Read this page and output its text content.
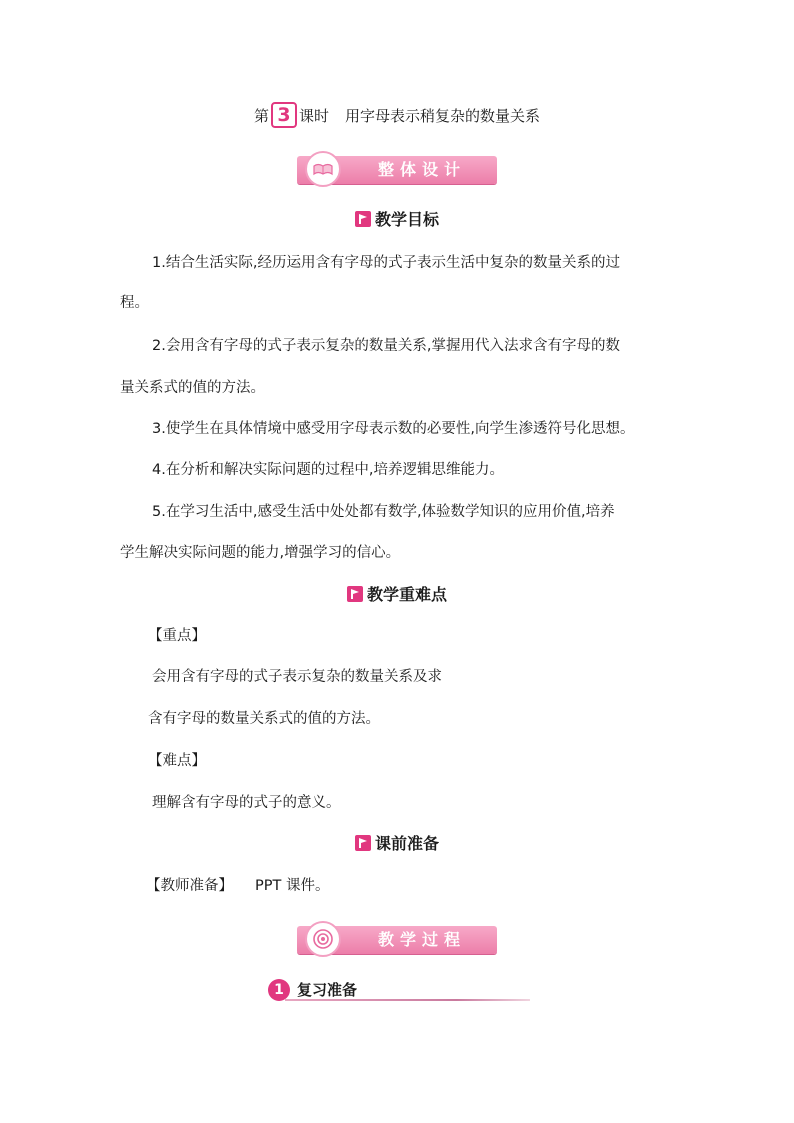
第 3 课时 用字母表示稍复杂的数量关系
整体设计
教学目标
1.结合生活实际,经历运用含有字母的式子表示生活中复杂的数量关系的过
程。
2.会用含有字母的式子表示复杂的数量关系,掌握用代入法求含有字母的数
量关系式的值的方法。
3.使学生在具体情境中感受用字母表示数的必要性,向学生渗透符号化思想。
4.在分析和解决实际问题的过程中,培养逻辑思维能力。
5.在学习生活中,感受生活中处处都有数学,体验数学知识的应用价值,培养
学生解决实际问题的能力,增强学习的信心。
教学重难点
【重点】
会用含有字母的式子表示复杂的数量关系及求
含有字母的数量关系式的值的方法。
【难点】
理解含有字母的式子的意义。
课前准备
【教师准备】 PPT 课件。
教学过程
1 复习准备
